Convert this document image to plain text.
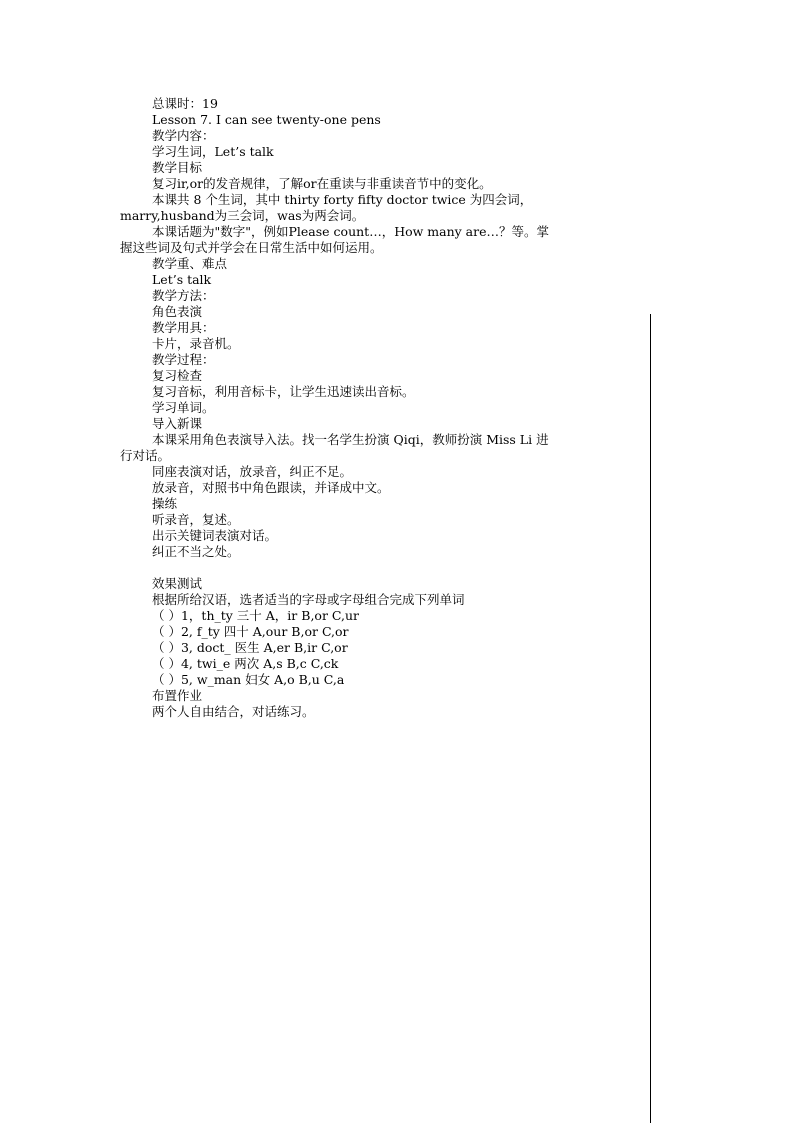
总课时：19
Lesson 7. I can see twenty-one pens
教学内容：
学习生词，Let’s talk
教学目标
复习ir,or的发音规律，了解or在重读与非重读音节中的变化。
本课共 8 个生词，其中 thirty forty fifty doctor twice 为四会词，marry,husband为三会词，was为两会词。
本课话题为"数字"，例如Please count…，How many are…？等。掌握这些词及句式并学会在日常生活中如何运用。
教学重、难点
Let’s talk
教学方法：
角色表演
教学用具：
卡片，录音机。
教学过程：
复习检查
复习音标，利用音标卡，让学生迅速读出音标。
学习单词。
导入新课
本课采用角色表演导入法。找一名学生扮演 Qiqi，教师扮演 Miss Li 进行对话。
同座表演对话，放录音，纠正不足。
放录音，对照书中角色跟读，并译成中文。
操练
听录音，复述。
出示关键词表演对话。
纠正不当之处。
效果测试
根据所给汉语，选者适当的字母或字母组合完成下列单词
（ ）1，th_ty 三十 A，ir B,or C,ur
（ ）2, f_ty 四十 A,our B,or C,or
（ ）3, doct_ 医生 A,er B,ir C,or
（ ）4, twi_e 两次 A,s B,c C,ck
（ ）5, w_man 妇女 A,o B,u C,a
布置作业
两个人自由结合，对话练习。
